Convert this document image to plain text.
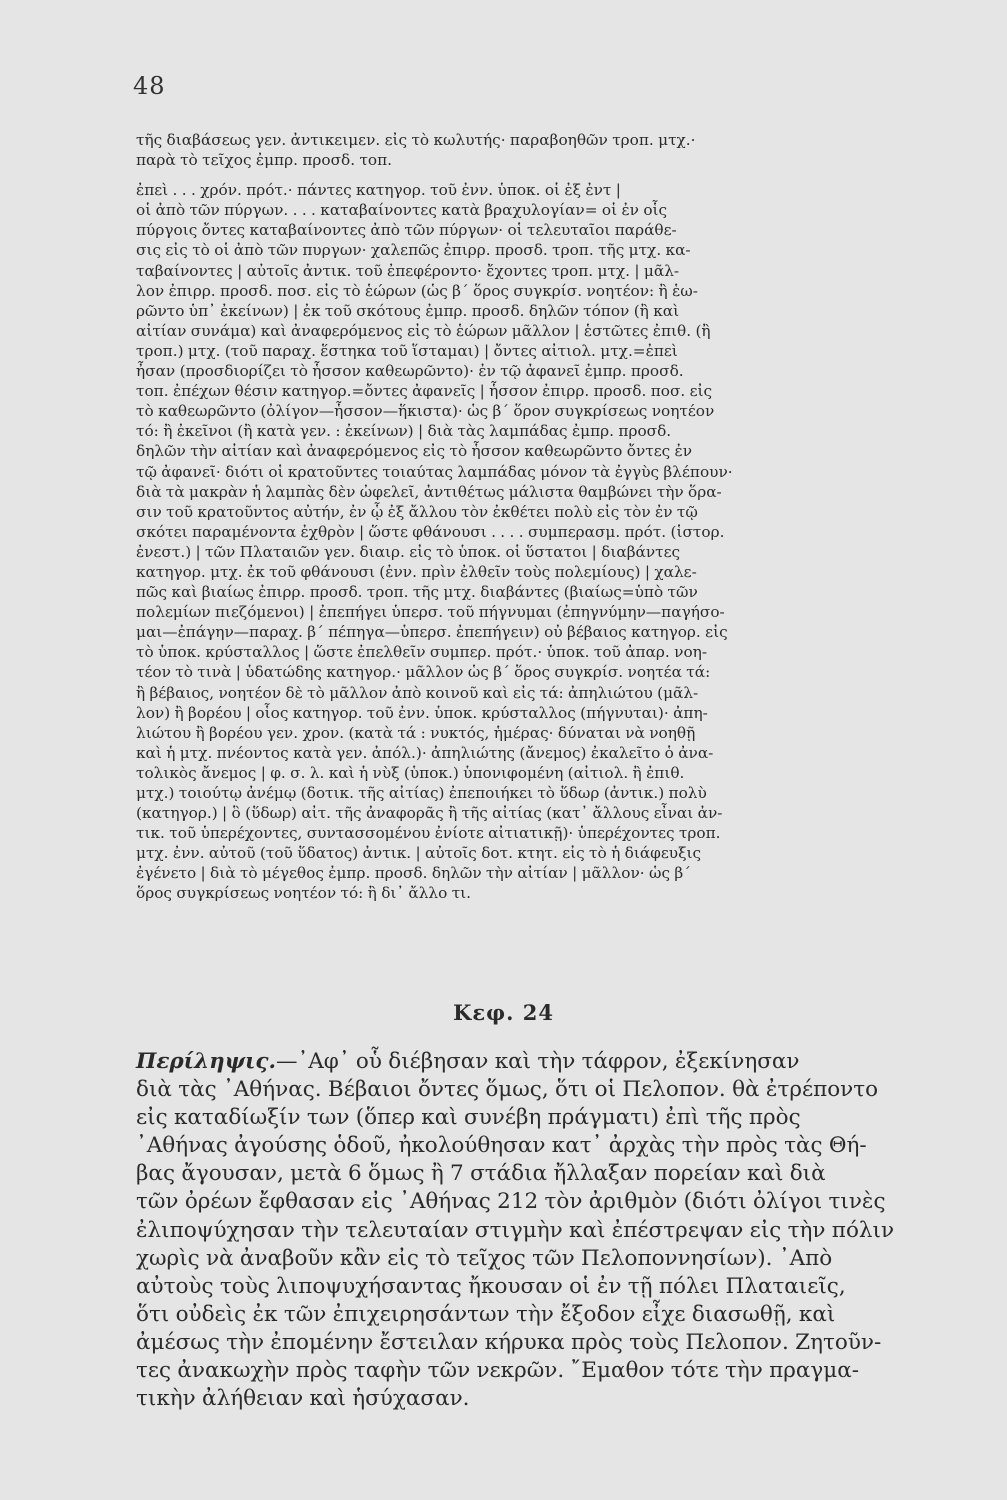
48

τῆς διαβάσεως γεν. ἀντικειμεν. εἰς τὸ κωλυτής· παραβοηθῶν τροπ. μτχ.·
παρὰ τὸ τεῖχος ἐμπρ. προσδ. τοπ.

ἐπεὶ . . . χρόν. πρότ.· πάντες κατηγορ. τοῦ ἐνν. ὑποκ. οἱ ἐξ ἐντ |
οἱ ἀπὸ τῶν πύργων. . . . καταβαίνοντες κατὰ βραχυλογίαν= οἱ ἐν οἷς
πύργοις ὄντες καταβαίνοντες ἀπὸ τῶν πύργων· οἱ τελευταῖοι παράθε-
σις εἰς τὸ οἱ ἀπὸ τῶν πυργων· χαλεπῶς ἐπιρρ. προσδ. τροπ. τῆς μτχ. κα-
ταβαίνοντες | αὐτοῖς ἀντικ. τοῦ ἐπεφέροντο· ἔχοντες τροπ. μτχ. | μᾶλ-
λον ἐπιρρ. προσδ. ποσ. εἰς τὸ ἑώρων (ὡς β΄ ὅρος συγκρίσ. νοητέον: ἢ ἑω-
ρῶντο ὑπ᾽ ἐκείνων) | ἐκ τοῦ σκότους ἐμπρ. προσδ. δηλῶν τόπον (ἢ καὶ
αἰτίαν συνάμα) καὶ ἀναφερόμενος εἰς τὸ ἑώρων μᾶλλον | ἑστῶτες ἐπιθ. (ἢ
τροπ.) μτχ. (τοῦ παραχ. ἕστηκα τοῦ ἵσταμαι) | ὄντες αἰτιολ. μτχ.=ἐπεὶ
ἦσαν (προσδιορίζει τὸ ἧσσον καθεωρῶντο)· ἐν τῷ ἀφανεῖ ἐμπρ. προσδ.
τοπ. ἐπέχων θέσιν κατηγορ.=ὄντες ἀφανεῖς | ἧσσον ἐπιρρ. προσδ. ποσ. εἰς
τὸ καθεωρῶντο (ὀλίγον—ἧσσον—ἥκιστα)· ὡς β΄ ὅρον συγκρίσεως νοητέον
τό: ἢ ἐκεῖνοι (ἢ κατὰ γεν. : ἐκείνων) | διὰ τὰς λαμπάδας ἐμπρ. προσδ.
δηλῶν τὴν αἰτίαν καὶ ἀναφερόμενος εἰς τὸ ἧσσον καθεωρῶντο ὄντες ἐν
τῷ ἀφανεῖ· διότι οἱ κρατοῦντες τοιαύτας λαμπάδας μόνον τὰ ἐγγὺς βλέπουν·
διὰ τὰ μακρὰν ἡ λαμπὰς δὲν ὠφελεῖ, ἀντιθέτως μάλιστα θαμβώνει τὴν ὅρα-
σιν τοῦ κρατοῦντος αὐτήν, ἐν ᾧ ἐξ ἄλλου τὸν ἐκθέτει πολὺ εἰς τὸν ἐν τῷ
σκότει παραμένοντα ἐχθρὸν | ὥστε φθάνουσι . . . . συμπερασμ. πρότ. (ἱστορ.
ἐνεστ.) | τῶν Πλαταιῶν γεν. διαιρ. εἰς τὸ ὑποκ. οἱ ὕστατοι | διαβάντες
κατηγορ. μτχ. ἐκ τοῦ φθάνουσι (ἐνν. πρὶν ἐλθεῖν τοὺς πολεμίους) | χαλε-
πῶς καὶ βιαίως ἐπιρρ. προσδ. τροπ. τῆς μτχ. διαβάντες (βιαίως=ὑπὸ τῶν
πολεμίων πιεζόμενοι) | ἐπεπήγει ὑπερσ. τοῦ πήγνυμαι (ἐπηγνύμην—παγήσο-
μαι—ἐπάγην—παραχ. β΄ πέπηγα—ὑπερσ. ἐπεπήγειν) οὐ βέβαιος κατηγορ. εἰς
τὸ ὑποκ. κρύσταλλος | ὥστε ἐπελθεῖν συμπερ. πρότ.· ὑποκ. τοῦ ἀπαρ. νοη-
τέον τὸ τινὰ | ὑδατώδης κατηγορ.· μᾶλλον ὡς β΄ ὅρος συγκρίσ. νοητέα τά:
ἢ βέβαιος, νοητέον δὲ τὸ μᾶλλον ἀπὸ κοινοῦ καὶ εἰς τά: ἀπηλιώτου (μᾶλ-
λον) ἢ βορέου | οἷος κατηγορ. τοῦ ἐνν. ὑποκ. κρύσταλλος (πήγνυται)· ἀπη-
λιώτου ἢ βορέου γεν. χρον. (κατὰ τά : νυκτός, ἡμέρας· δύναται νὰ νοηθῇ
καὶ ἡ μτχ. πνέοντος κατὰ γεν. ἀπόλ.)· ἀπηλιώτης (ἄνεμος) ἐκαλεῖτο ὁ ἀνα-
τολικὸς ἄνεμος | φ. σ. λ. καὶ ἡ νὺξ (ὑποκ.) ὑπονιφομένη (αἰτιολ. ἢ ἐπιθ.
μτχ.) τοιούτῳ ἀνέμῳ (δοτικ. τῆς αἰτίας) ἐπεποιήκει τὸ ὕδωρ (ἀντικ.) πολὺ
(κατηγορ.) | ὃ (ὕδωρ) αἰτ. τῆς ἀναφορᾶς ἢ τῆς αἰτίας (κατ᾽ ἄλλους εἶναι ἀν-
τικ. τοῦ ὑπερέχοντες, συντασσομένου ἐνίοτε αἰτιατικῇ)· ὑπερέχοντες τροπ.
μτχ. ἐνν. αὐτοῦ (τοῦ ὕδατος) ἀντικ. | αὐτοῖς δοτ. κτητ. εἰς τὸ ἡ διάφευξις
ἐγένετο | διὰ τὸ μέγεθος ἐμπρ. προσδ. δηλῶν τὴν αἰτίαν | μᾶλλον· ὡς β΄
ὅρος συγκρίσεως νοητέον τό: ἢ δι᾽ ἄλλο τι.

Κεφ. 24
Περίληψις.—᾽Αφ᾽ οὗ διέβησαν καὶ τὴν τάφρον, ἐξεκίνησαν
διὰ τὰς ᾽Αθήνας. Βέβαιοι ὄντες ὅμως, ὅτι οἱ Πελοπον. θὰ ἐτρέποντο
εἰς καταδίωξίν των (ὅπερ καὶ συνέβη πράγματι) ἐπὶ τῆς πρὸς
᾽Αθήνας ἀγούσης ὁδοῦ, ἠκολούθησαν κατ᾽ ἀρχὰς τὴν πρὸς τὰς Θή-
βας ἄγουσαν, μετὰ 6 ὅμως ἢ 7 στάδια ἤλλαξαν πορείαν καὶ διὰ
τῶν ὀρέων ἔφθασαν εἰς ᾽Αθήνας 212 τὸν ἀριθμὸν (διότι ὀλίγοι τινὲς
ἐλιποψύχησαν τὴν τελευταίαν στιγμὴν καὶ ἐπέστρεψαν εἰς τὴν πόλιν
χωρὶς νὰ ἀναβοῦν κἂν εἰς τὸ τεῖχος τῶν Πελοποννησίων). ᾽Απὸ
αὐτοὺς τοὺς λιποψυχήσαντας ἤκουσαν οἱ ἐν τῇ πόλει Πλαταιεῖς,
ὅτι οὐδεὶς ἐκ τῶν ἐπιχειρησάντων τὴν ἔξοδον εἶχε διασωθῇ, καὶ
ἀμέσως τὴν ἐπομένην ἔστειλαν κήρυκα πρὸς τοὺς Πελοπον. Ζητοῦν-
τες ἀνακωχὴν πρὸς ταφὴν τῶν νεκρῶν. ῎Εμαθον τότε τὴν πραγμα-
τικὴν ἀλήθειαν καὶ ἡσύχασαν.
